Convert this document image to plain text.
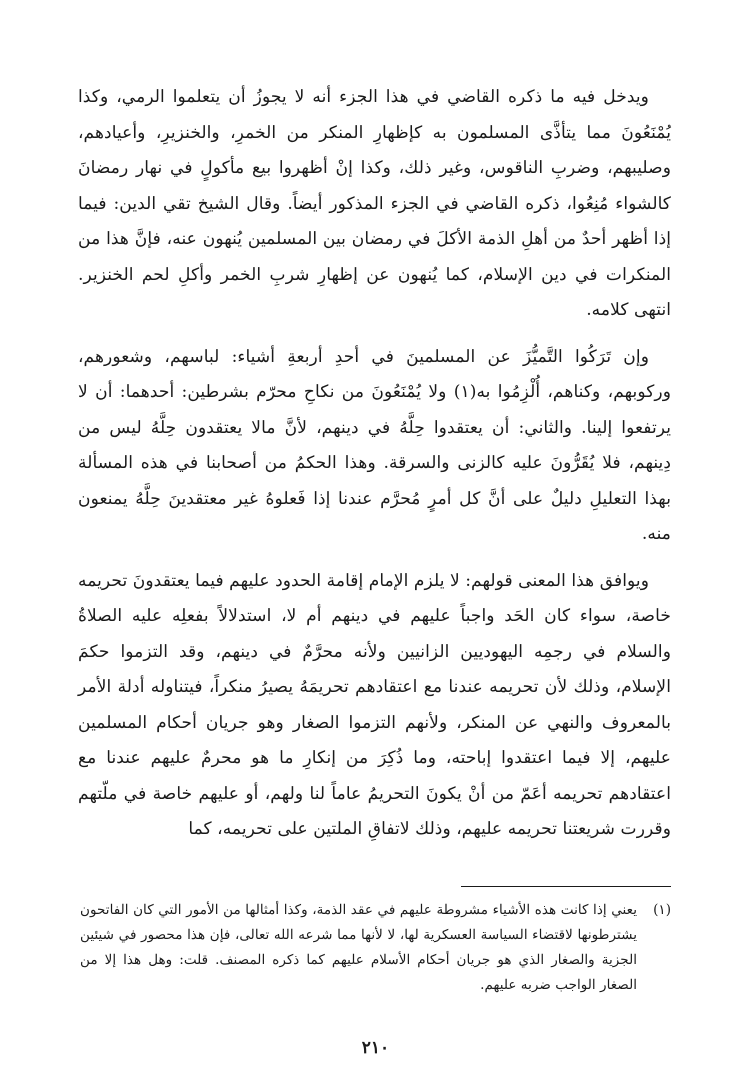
ويدخل فيه ما ذكره القاضي في هذا الجزء أنه لا يجوزُ أن يتعلموا الرمي، وكذا يُمْنَعُونَ مما يتأذَّى المسلمون به كإظهارِ المنكر من الخمرِ، والخنزيرِ، وأعيادهم، وصليبهم، وضربِ الناقوس، وغير ذلك، وكذا إنْ أظهروا بيع مأكولٍ في نهار رمضانَ كالشواء مُنِعُوا، ذكره القاضي في الجزء المذكور أيضاً. وقال الشيخ تقي الدين: فيما إذا أظهر أحدٌ من أهلِ الذمة الأكلَ في رمضان بين المسلمين يُنهون عنه، فإنَّ هذا من المنكرات في دين الإسلام، كما يُنهون عن إظهارِ شربِ الخمر وأكلِ لحم الخنزير. انتهى كلامه.

وإن تَرَكُوا التَّميُّزَ عن المسلمينَ في أحدِ أربعةِ أشياء: لباسهم، وشعورهم، وركوبهم، وكناهم، أُلْزِمُوا به(١) ولا يُمْنَعُونَ من نكاحِ محرّم بشرطين: أحدهما: أن لا يرتفعوا إلينا. والثاني: أن يعتقدوا حِلَّهُ في دينهم، لأنَّ مالا يعتقدون حِلَّهُ ليس من دِينهم، فلا يُقَرُّونَ عليه كالزنى والسرقة. وهذا الحكمُ من أصحابنا في هذه المسألة بهذا التعليلِ دليلٌ على أنَّ كل أمرٍ مُحرَّم عندنا إذا فَعلوهُ غير معتقدينَ حِلَّهُ يمنعون منه.

ويوافق هذا المعنى قولهم: لا يلزم الإمام إقامة الحدود عليهم فيما يعتقدونَ تحريمه خاصة، سواء كان الحَد واجباً عليهم في دينهم أم لا، استدلالاً بفعلِه عليه الصلاةُ والسلام في رجمِه اليهوديين الزانيين ولأنه محرَّمٌ في دينهم، وقد التزموا حكمَ الإسلام، وذلك لأن تحريمه عندنا مع اعتقادهم تحريمَهُ يصيرُ منكراً، فيتناوله أدلة الأمر بالمعروف والنهي عن المنكر، ولأنهم التزموا الصغار وهو جريان أحكام المسلمين عليهم، إلا فيما اعتقدوا إباحته، وما ذُكِرَ من إنكارِ ما هو محرمٌ عليهم عندنا مع اعتقادهم تحريمه أعَمّ من أنْ يكونَ التحريمُ عاماً لنا ولهم، أو عليهم خاصة في ملّتهم وقررت شريعتنا تحريمه عليهم، وذلك لاتفاقِ الملتين على تحريمه، كما

(١)
يعني إذا كانت هذه الأشياء مشروطة عليهم في عقد الذمة، وكذا أمثالها من الأمور التي كان الفاتحون يشترطونها لاقتضاء السياسة العسكرية لها، لا لأنها مما شرعه الله تعالى، فإن هذا محصور في شيئين الجزية والصغار الذي هو جريان أحكام الأسلام عليهم كما ذكره المصنف. قلت: وهل هذا إلا من الصغار الواجب ضربه عليهم.
٢١٠
